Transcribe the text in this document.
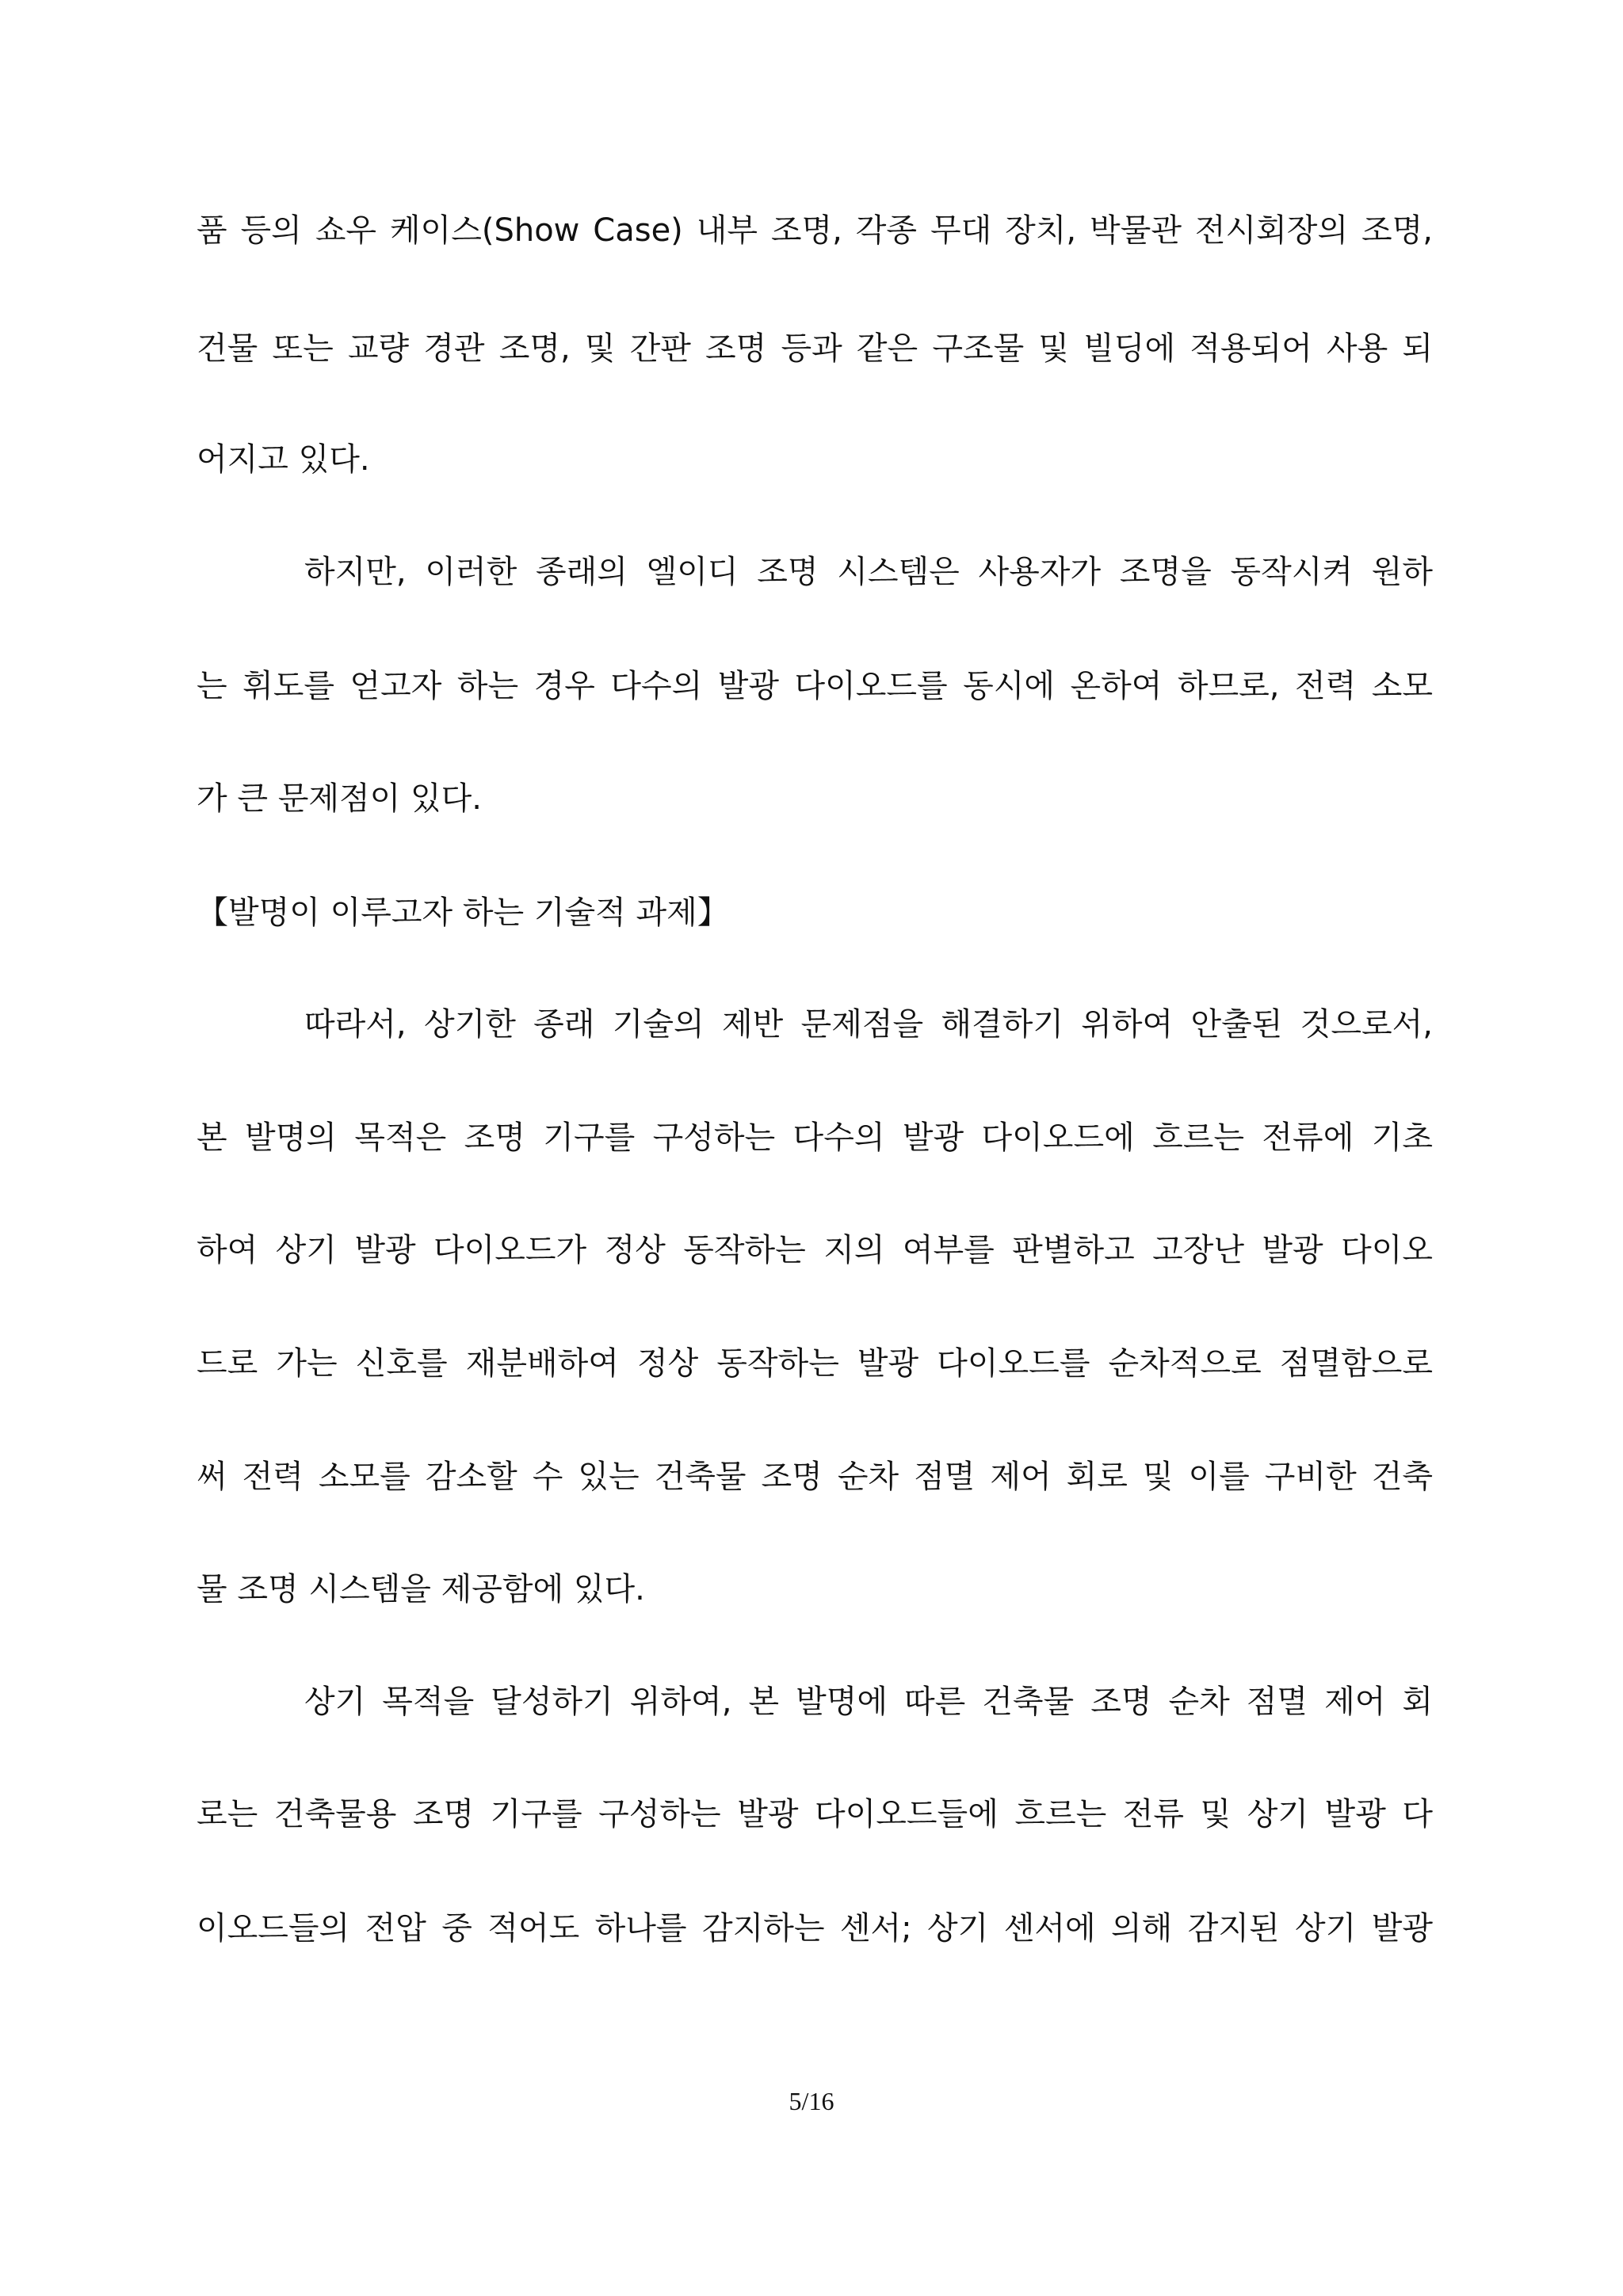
품 등의 쇼우 케이스(Show Case) 내부 조명, 각종 무대 장치, 박물관 전시회장의 조명,
건물 또는 교량 경관 조명, 및 간판 조명 등과 같은 구조물 및 빌딩에 적용되어 사용 되
어지고 있다.
하지만, 이러한 종래의 엘이디 조명 시스템은 사용자가 조명을 동작시켜 원하
는 휘도를 얻고자 하는 경우 다수의 발광 다이오드를 동시에 온하여 하므로, 전력 소모
가 큰 문제점이 있다.
【발명이 이루고자 하는 기술적 과제】
따라서, 상기한 종래 기술의 제반 문제점을 해결하기 위하여 안출된 것으로서,
본 발명의 목적은 조명 기구를 구성하는 다수의 발광 다이오드에 흐르는 전류에 기초
하여 상기 발광 다이오드가 정상 동작하는 지의 여부를 판별하고 고장난 발광 다이오
드로 가는 신호를 재분배하여 정상 동작하는 발광 다이오드를 순차적으로 점멸함으로
써 전력 소모를 감소할 수 있는 건축물 조명 순차 점멸 제어 회로 및 이를 구비한 건축
물 조명 시스템을 제공함에 있다.
상기 목적을 달성하기 위하여, 본 발명에 따른 건축물 조명 순차 점멸 제어 회
로는 건축물용 조명 기구를 구성하는 발광 다이오드들에 흐르는 전류 및 상기 발광 다
이오드들의 전압 중 적어도 하나를 감지하는 센서; 상기 센서에 의해 감지된 상기 발광
5/16
